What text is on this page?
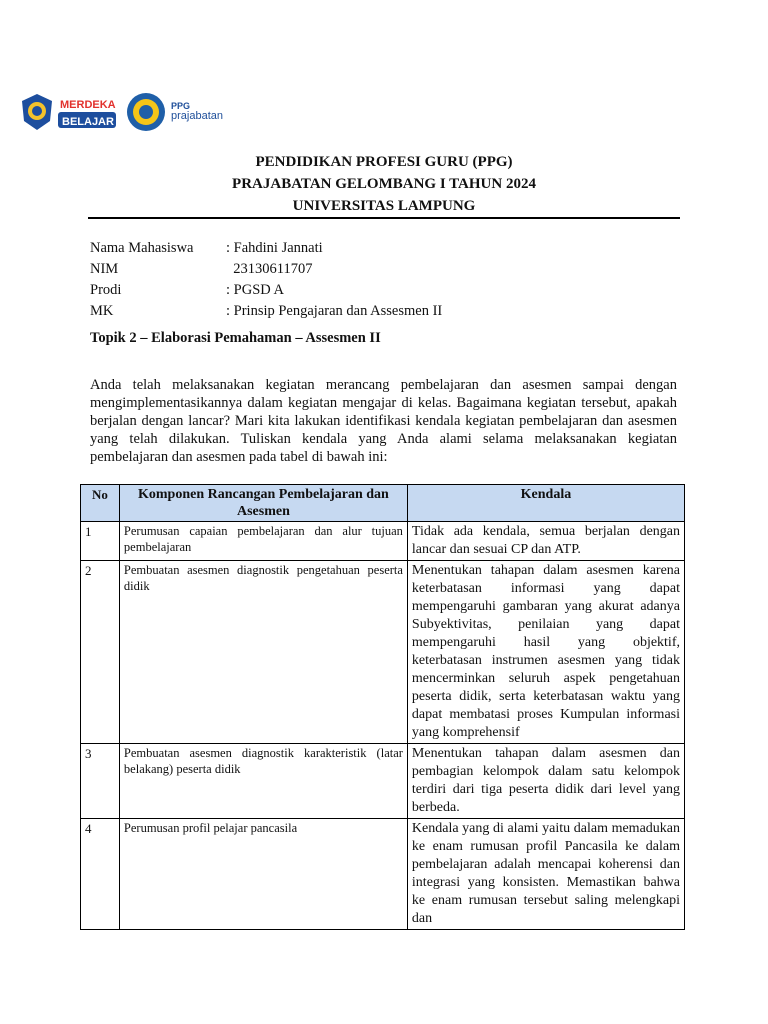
MERDEKA
BELAJAR
PPG
prajabatan
PENDIDIKAN PROFESI GURU (PPG)
PRAJABATAN GELOMBANG I TAHUN 2024
UNIVERSITAS LAMPUNG
Nama Mahasiswa	: Fahdini Jannati
NIM	23130611707
Prodi	: PGSD A
MK	: Prinsip Pengajaran dan Assesmen II
Topik 2 – Elaborasi Pemahaman – Assesmen II
Anda telah melaksanakan kegiatan merancang pembelajaran dan asesmen sampai dengan mengimplementasikannya dalam kegiatan mengajar di kelas. Bagaimana kegiatan tersebut, apakah berjalan dengan lancar? Mari kita lakukan identifikasi kendala kegiatan pembelajaran dan asesmen yang telah dilakukan. Tuliskan kendala yang Anda alami selama melaksanakan kegiatan pembelajaran dan asesmen pada tabel di bawah ini:
No	Komponen Rancangan Pembelajaran dan Asesmen	Kendala
1	Perumusan capaian pembelajaran dan alur tujuan pembelajaran	Tidak ada kendala, semua berjalan dengan lancar dan sesuai CP dan ATP.
2	Pembuatan asesmen diagnostik pengetahuan peserta didik	Menentukan tahapan dalam asesmen karena keterbatasan informasi yang dapat mempengaruhi gambaran yang akurat adanya Subyektivitas, penilaian yang dapat mempengaruhi hasil yang objektif, keterbatasan instrumen asesmen yang tidak mencerminkan seluruh aspek pengetahuan peserta didik, serta keterbatasan waktu yang dapat membatasi proses Kumpulan informasi yang komprehensif
3	Pembuatan asesmen diagnostik karakteristik (latar belakang) peserta didik	Menentukan tahapan dalam asesmen dan pembagian kelompok dalam satu kelompok terdiri dari tiga peserta didik dari level yang berbeda.
4	Perumusan profil pelajar pancasila	Kendala yang di alami yaitu dalam memadukan ke enam rumusan profil Pancasila ke dalam pembelajaran adalah mencapai koherensi dan integrasi yang konsisten. Memastikan bahwa ke enam rumusan tersebut saling melengkapi dan
